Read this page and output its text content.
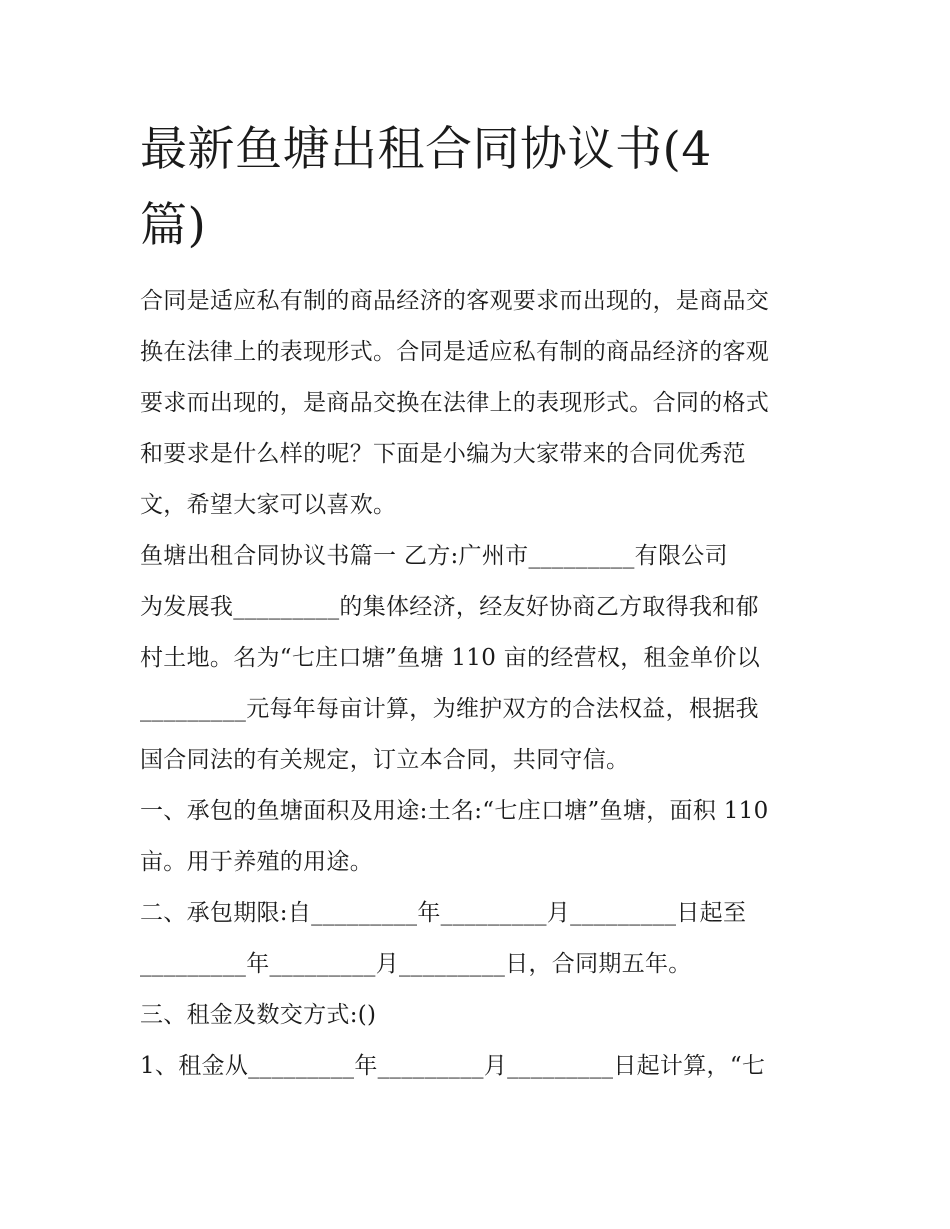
最新鱼塘出租合同协议书(4
篇)

合同是适应私有制的商品经济的客观要求而出现的，是商品交
换在法律上的表现形式。合同是适应私有制的商品经济的客观
要求而出现的，是商品交换在法律上的表现形式。合同的格式
和要求是什么样的呢？下面是小编为大家带来的合同优秀范
文，希望大家可以喜欢。

鱼塘出租合同协议书篇一 乙方:广州市_________有限公司
为发展我_________的集体经济，经友好协商乙方取得我和郁
村土地。名为“七庄口塘”鱼塘 110 亩的经营权，租金单价以
_________元每年每亩计算，为维护双方的合法权益，根据我
国合同法的有关规定，订立本合同，共同守信。

一、承包的鱼塘面积及用途:土名:“七庄口塘”鱼塘，面积 110
亩。用于养殖的用途。

二、承包期限:自_________年_________月_________日起至
_________年_________月_________日，合同期五年。

三、租金及数交方式:()

1、租金从_________年_________月_________日起计算，“七
